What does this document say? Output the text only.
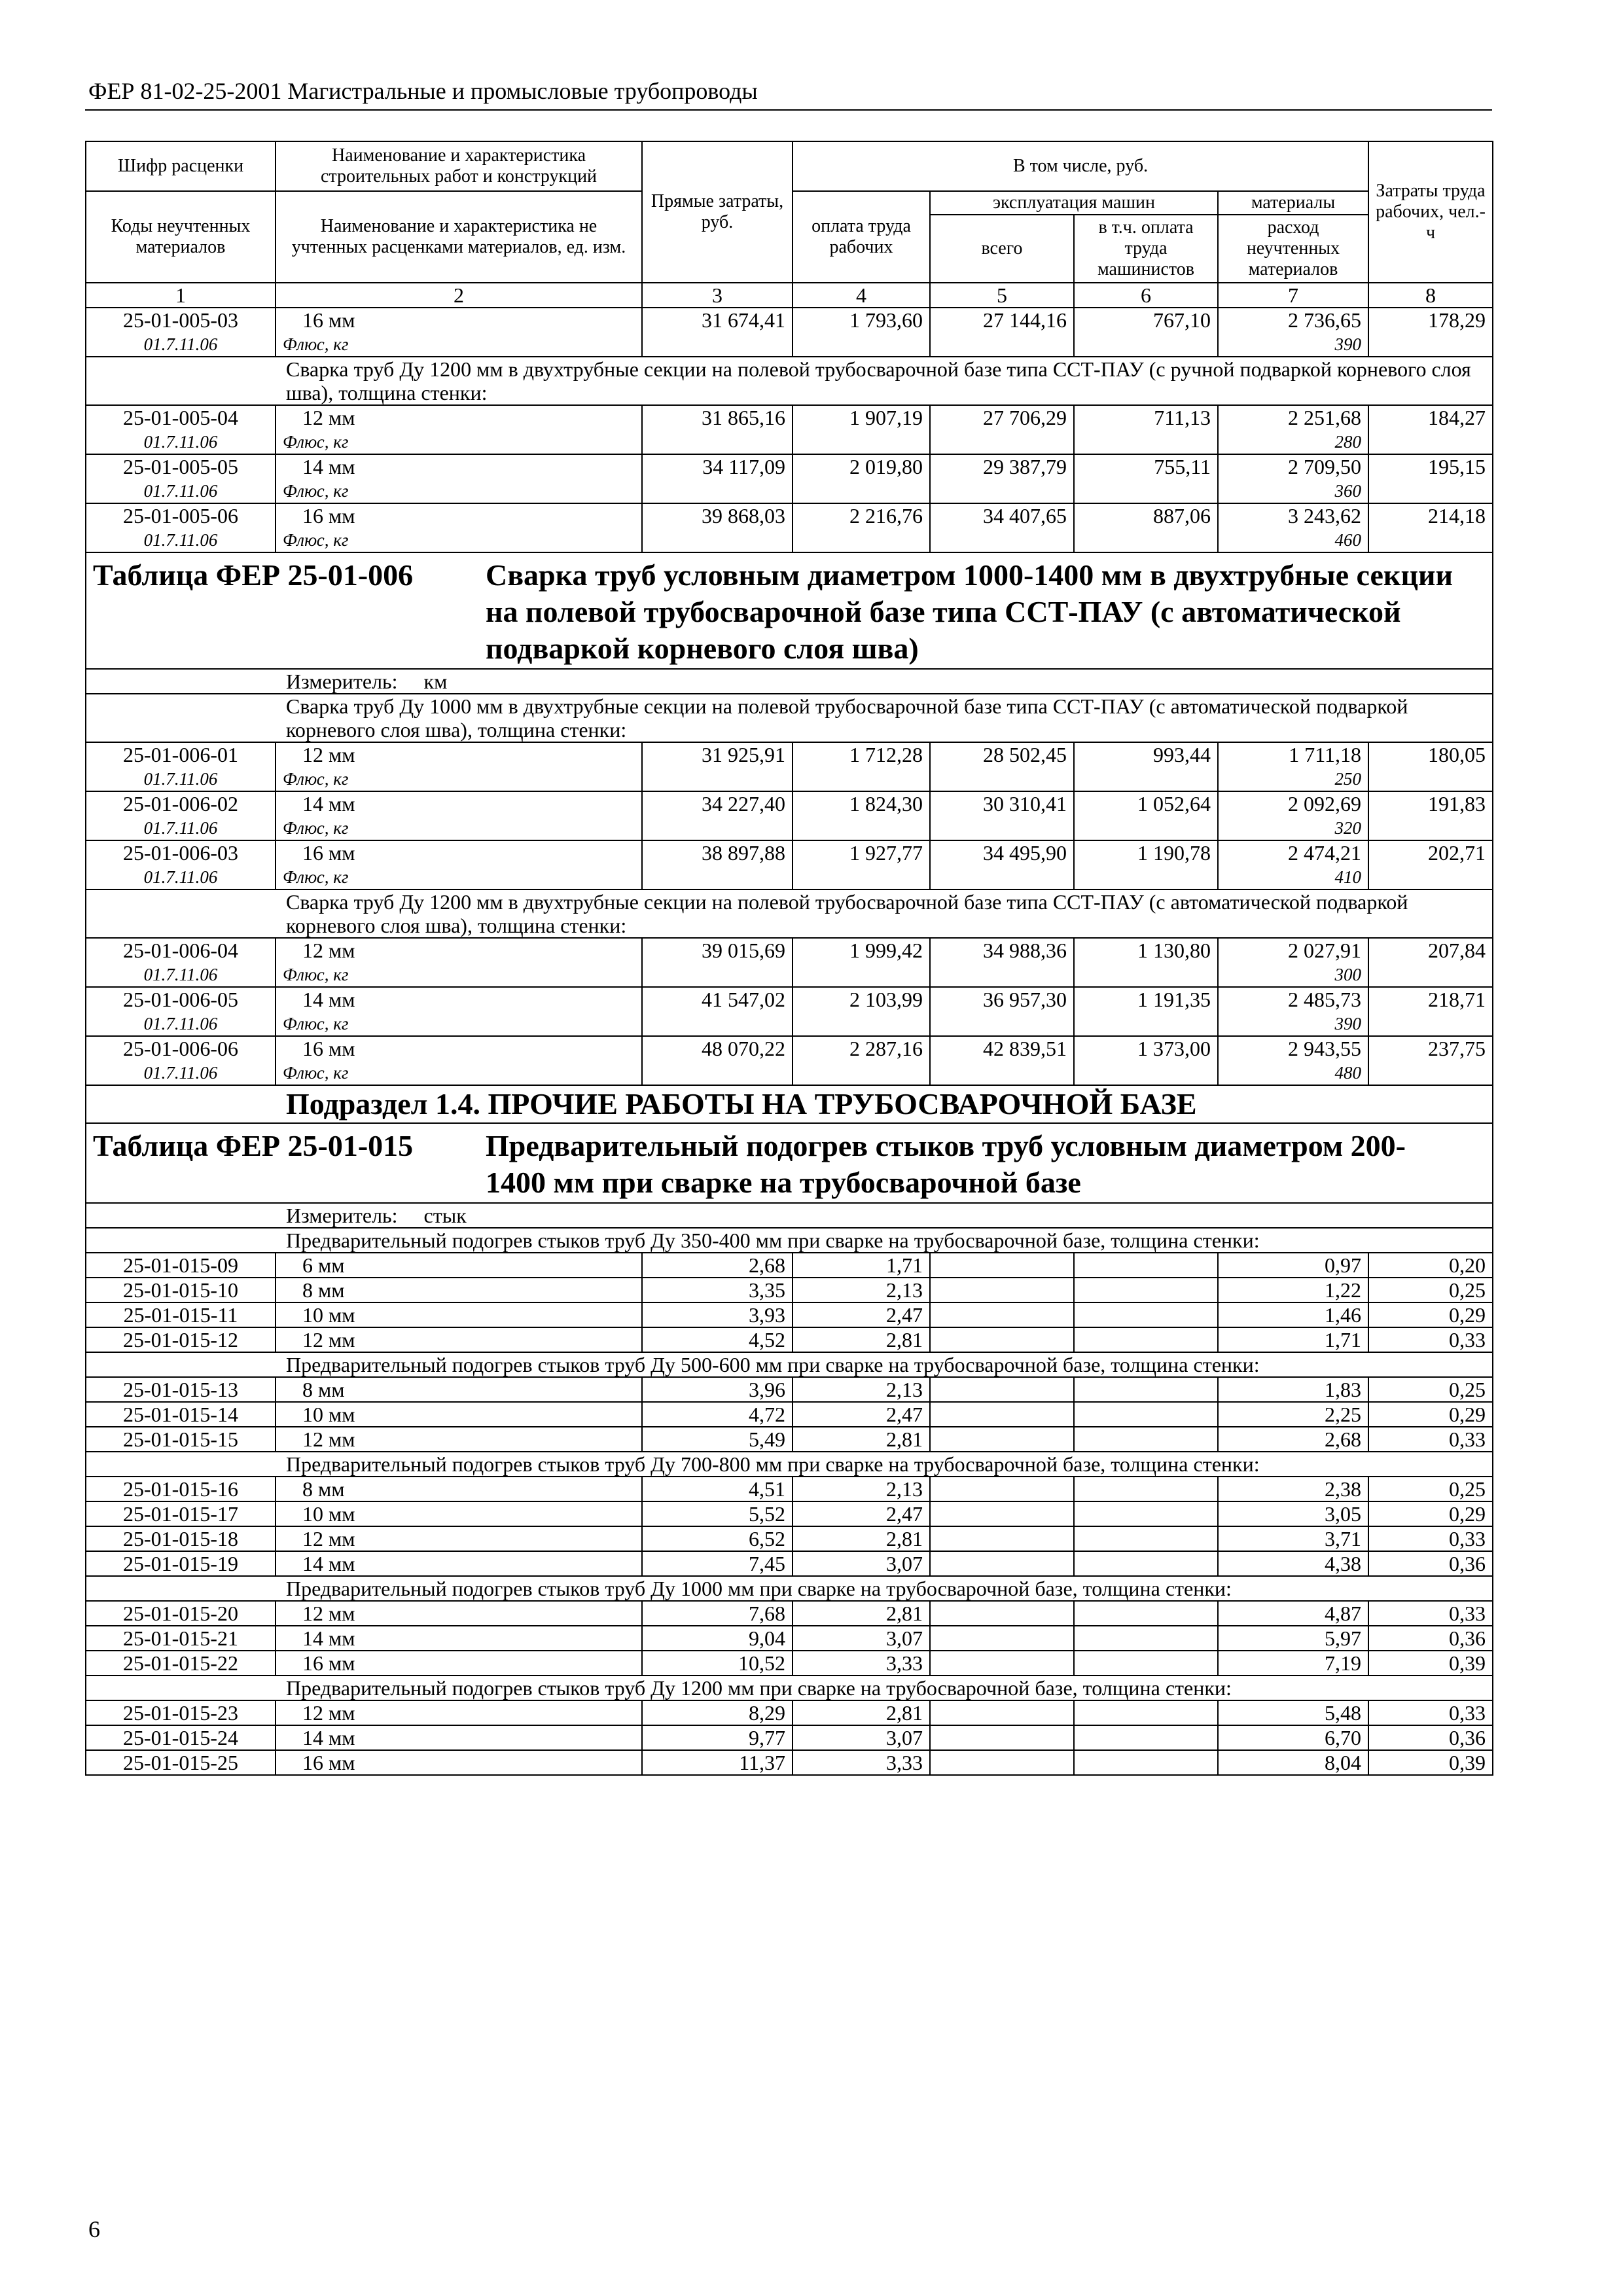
ФЕР 81-02-25-2001 Магистральные и промысловые трубопроводы
Шифр расценки	Наименование и характеристика строительных работ и конструкций	Прямые затраты, руб.	В том числе, руб.				Затраты труда рабочих, чел.-ч
Коды неучтенных материалов	Наименование и характеристика не учтенных расценками материалов, ед. изм.		оплата труда рабочих	эксплуатация машин		материалы	
				всего	в т.ч. оплата труда машинистов	расход неучтенных материалов	
1	2	3	4	5	6	7	8
25-01-005-03	16 мм	31 674,41	1 793,60	27 144,16	767,10	2 736,65	178,29
01.7.11.06	Флюс, кг					390	
Сварка труб Ду 1200 мм в двухтрубные секции на полевой трубосварочной базе типа ССТ-ПАУ (с ручной подваркой корневого слоя шва), толщина стенки:							
25-01-005-04	12 мм	31 865,16	1 907,19	27 706,29	711,13	2 251,68	184,27
01.7.11.06	Флюс, кг					280	
25-01-005-05	14 мм	34 117,09	2 019,80	29 387,79	755,11	2 709,50	195,15
01.7.11.06	Флюс, кг					360	
25-01-005-06	16 мм	39 868,03	2 216,76	34 407,65	887,06	3 243,62	214,18
01.7.11.06	Флюс, кг					460	
Таблица ФЕР 25-01-006 Сварка труб условным диаметром 1000-1400 мм в двухтрубные секции на полевой трубосварочной базе типа ССТ-ПАУ (с автоматической подваркой корневого слоя шва)							
Измеритель: км							
Сварка труб Ду 1000 мм в двухтрубные секции на полевой трубосварочной базе типа ССТ-ПАУ (с автоматической подваркой корневого слоя шва), толщина стенки:							
25-01-006-01	12 мм	31 925,91	1 712,28	28 502,45	993,44	1 711,18	180,05
01.7.11.06	Флюс, кг					250	
25-01-006-02	14 мм	34 227,40	1 824,30	30 310,41	1 052,64	2 092,69	191,83
01.7.11.06	Флюс, кг					320	
25-01-006-03	16 мм	38 897,88	1 927,77	34 495,90	1 190,78	2 474,21	202,71
01.7.11.06	Флюс, кг					410	
Сварка труб Ду 1200 мм в двухтрубные секции на полевой трубосварочной базе типа ССТ-ПАУ (с автоматической подваркой корневого слоя шва), толщина стенки:							
25-01-006-04	12 мм	39 015,69	1 999,42	34 988,36	1 130,80	2 027,91	207,84
01.7.11.06	Флюс, кг					300	
25-01-006-05	14 мм	41 547,02	2 103,99	36 957,30	1 191,35	2 485,73	218,71
01.7.11.06	Флюс, кг					390	
25-01-006-06	16 мм	48 070,22	2 287,16	42 839,51	1 373,00	2 943,55	237,75
01.7.11.06	Флюс, кг					480	
Подраздел 1.4. ПРОЧИЕ РАБОТЫ НА ТРУБОСВАРОЧНОЙ БАЗЕ							
Таблица ФЕР 25-01-015 Предварительный подогрев стыков труб условным диаметром 200-1400 мм при сварке на трубосварочной базе							
Измеритель: стык							
Предварительный подогрев стыков труб Ду 350-400 мм при сварке на трубосварочной базе, толщина стенки:							
25-01-015-09	6 мм	2,68	1,71			0,97	0,20
25-01-015-10	8 мм	3,35	2,13			1,22	0,25
25-01-015-11	10 мм	3,93	2,47			1,46	0,29
25-01-015-12	12 мм	4,52	2,81			1,71	0,33
Предварительный подогрев стыков труб Ду 500-600 мм при сварке на трубосварочной базе, толщина стенки:							
25-01-015-13	8 мм	3,96	2,13			1,83	0,25
25-01-015-14	10 мм	4,72	2,47			2,25	0,29
25-01-015-15	12 мм	5,49	2,81			2,68	0,33
Предварительный подогрев стыков труб Ду 700-800 мм при сварке на трубосварочной базе, толщина стенки:							
25-01-015-16	8 мм	4,51	2,13			2,38	0,25
25-01-015-17	10 мм	5,52	2,47			3,05	0,29
25-01-015-18	12 мм	6,52	2,81			3,71	0,33
25-01-015-19	14 мм	7,45	3,07			4,38	0,36
Предварительный подогрев стыков труб Ду 1000 мм при сварке на трубосварочной базе, толщина стенки:							
25-01-015-20	12 мм	7,68	2,81			4,87	0,33
25-01-015-21	14 мм	9,04	3,07			5,97	0,36
25-01-015-22	16 мм	10,52	3,33			7,19	0,39
Предварительный подогрев стыков труб Ду 1200 мм при сварке на трубосварочной базе, толщина стенки:							
25-01-015-23	12 мм	8,29	2,81			5,48	0,33
25-01-015-24	14 мм	9,77	3,07			6,70	0,36
25-01-015-25	16 мм	11,37	3,33			8,04	0,39
6
